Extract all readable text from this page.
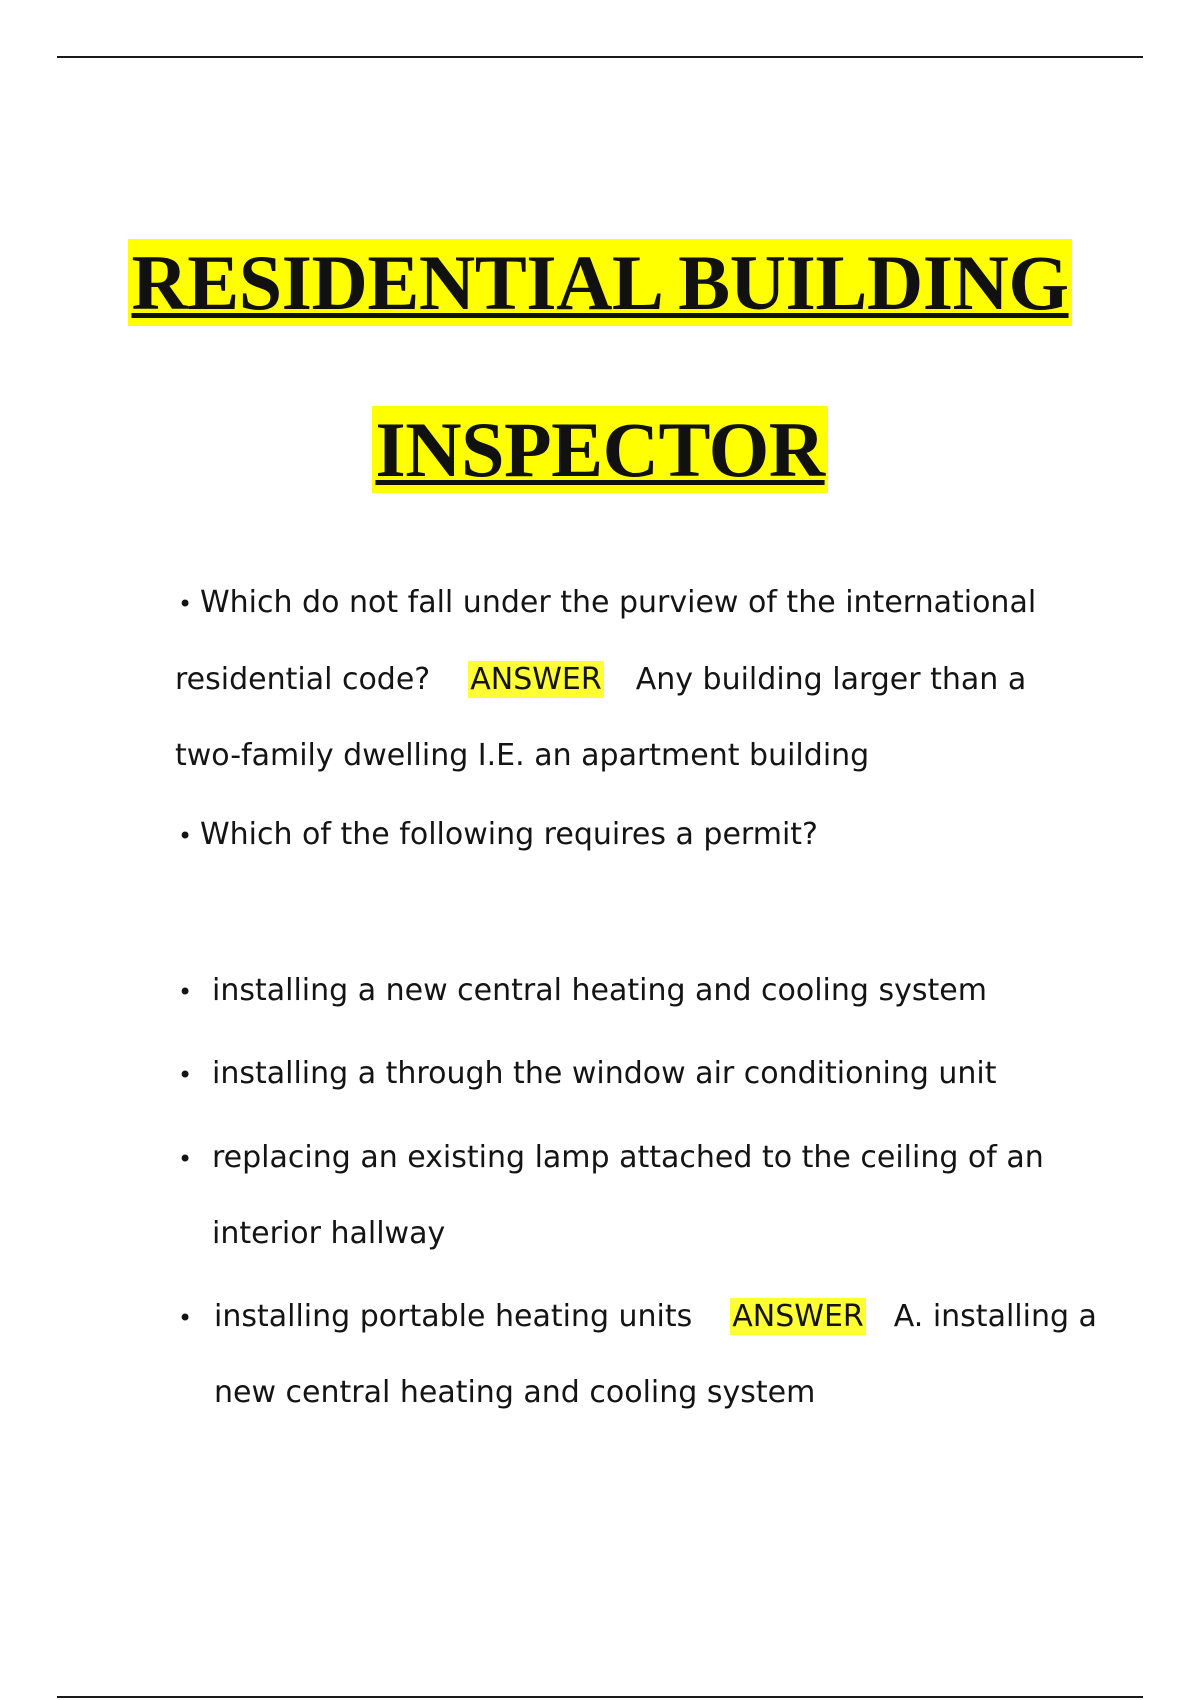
RESIDENTIAL BUILDING
INSPECTOR
• Which do not fall under the purview of the international
residential code? ANSWER Any building larger than a
two-family dwelling I.E. an apartment building
• Which of the following requires a permit?
• installing a new central heating and cooling system
• installing a through the window air conditioning unit
• replacing an existing lamp attached to the ceiling of an
interior hallway
• installing portable heating units ANSWER A. installing a
new central heating and cooling system
